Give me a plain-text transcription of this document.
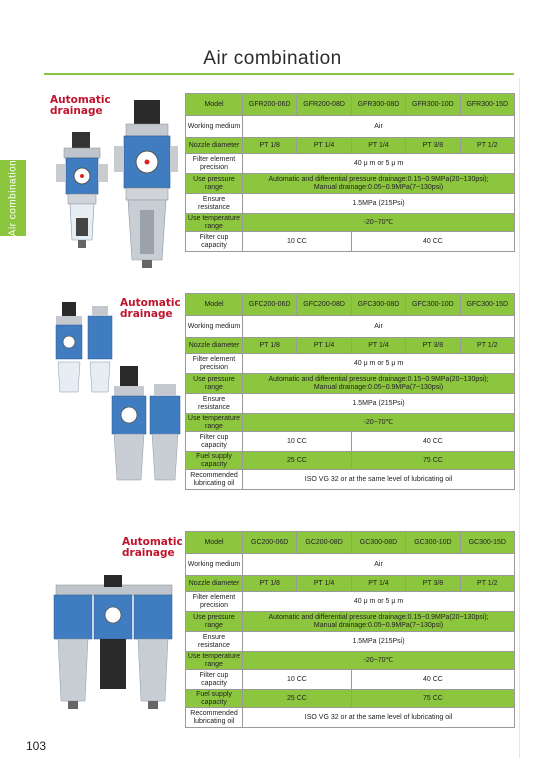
Air combination
Air combination
Automatic
drainage
Model	GFR200-06D	GFR200-08D	GFR300-08D	GFR300-10D	GFR300-15D
Working medium	Air				
Nozzle diameter	PT 1/8	PT 1/4	PT 1/4	PT 3/8	PT 1/2
Filter element precision	40 μ m or 5 μ m				
Use pressure range	Automatic and differential pressure drainage:0.15~0.9MPa(20~130psi);
Manual drainage:0.05~0.9MPa(7~130psi)				

Ensure resistance	1.5MPa (215Psi)				
Use temperature range	-20~70℃				
Filter cup capacity	10 CC		40 CC		
Automatic
drainage
Model	GFC200-06D	GFC200-08D	GFC300-08D	GFC300-10D	GFC300-15D
Working medium	Air				
Nozzle diameter	PT 1/8	PT 1/4	PT 1/4	PT 3/8	PT 1/2
Filter element precision	40 μ m or 5 μ m				
Use pressure range	Automatic and differential pressure drainage:0.15~0.9MPa(20~130psi);
Manual drainage:0.05~0.9MPa(7~130psi)				

Ensure resistance	1.5MPa (215Psi)				
Use temperature range	-20~70℃				
Filter cup capacity	10 CC		40 CC		
Fuel supply capacity	25 CC		75 CC		
Recommended lubricating oil	ISO VG 32 or at the same level of lubricating oil				
Automatic
drainage
Model	GC200-06D	GC200-08D	GC300-08D	GC300-10D	GC300-15D
Working medium	Air				
Nozzle diameter	PT 1/8	PT 1/4	PT 1/4	PT 3/8	PT 1/2
Filter element precision	40 μ m or 5 μ m				
Use pressure range	Automatic and differential pressure drainage:0.15~0.9MPa(20~130psi);
Manual drainage:0.05~0.9MPa(7~130psi)				

Ensure resistance	1.5MPa (215Psi)				
Use temperature range	-20~70℃				
Filter cup capacity	10 CC		40 CC		
Fuel supply capacity	25 CC		75 CC		
Recommended lubricating oil	ISO VG 32 or at the same level of lubricating oil				
103
